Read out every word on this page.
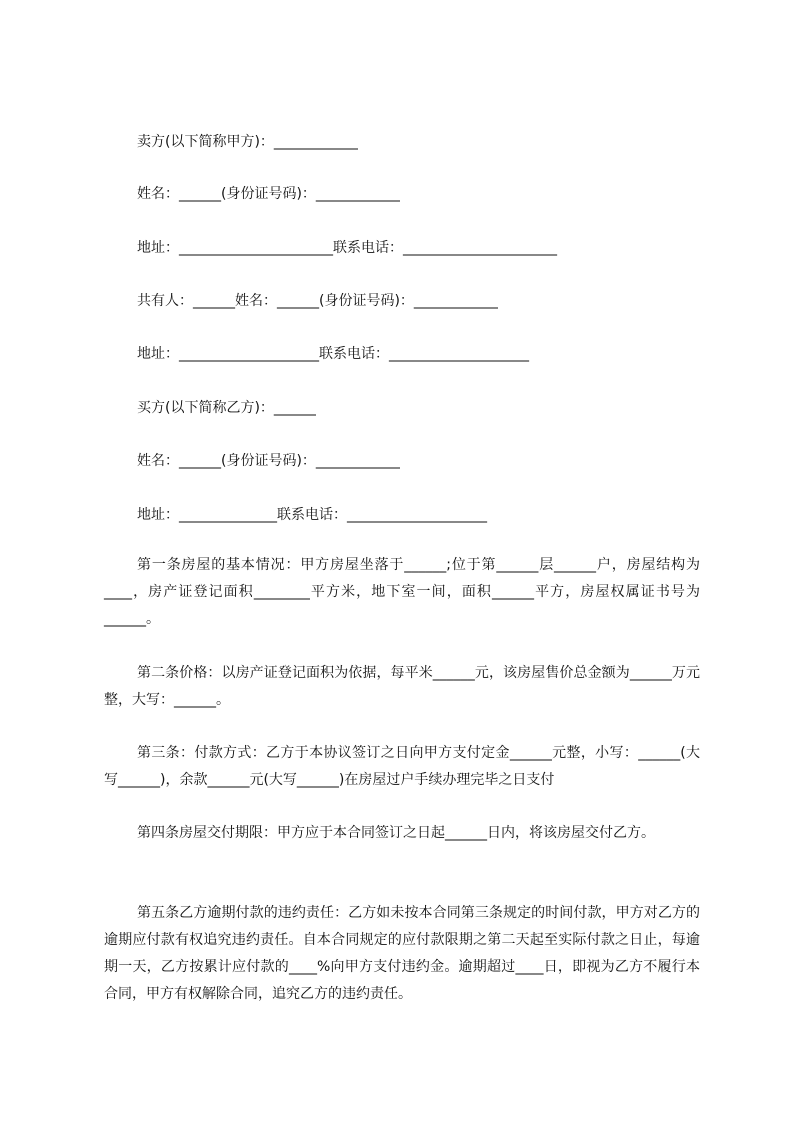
卖方(以下简称甲方)：____________
姓名：______(身份证号码)：____________
地址：______________________联系电话：______________________
共有人：______姓名：______(身份证号码)：____________
地址：____________________联系电话：____________________
买方(以下简称乙方)：______
姓名：______(身份证号码)：____________
地址：______________联系电话：____________________
第一条房屋的基本情况：甲方房屋坐落于______;位于第______层______户，房屋结构为____，房产证登记面积________平方米，地下室一间，面积______平方，房屋权属证书号为______。
第二条价格：以房产证登记面积为依据，每平米______元，该房屋售价总金额为______万元整，大写：______。
第三条：付款方式：乙方于本协议签订之日向甲方支付定金______元整，小写：______(大写______)，余款______元(大写______)在房屋过户手续办理完毕之日支付
第四条房屋交付期限：甲方应于本合同签订之日起______日内，将该房屋交付乙方。
第五条乙方逾期付款的违约责任：乙方如未按本合同第三条规定的时间付款，甲方对乙方的逾期应付款有权追究违约责任。自本合同规定的应付款限期之第二天起至实际付款之日止，每逾期一天，乙方按累计应付款的____%向甲方支付违约金。逾期超过____日，即视为乙方不履行本合同，甲方有权解除合同，追究乙方的违约责任。
